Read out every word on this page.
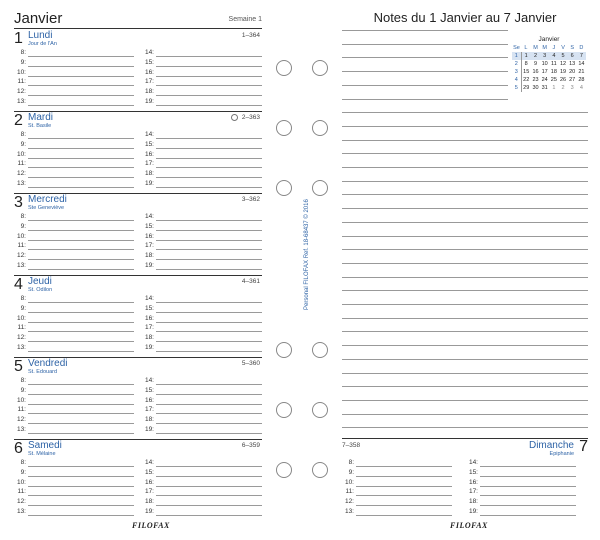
Janvier	Semaine 1
1 Lundi
Jour de l'An
1–364
8:
9:
10:
11:
12:
13:
14:
15:
16:
17:
18:
19:
2 Mardi
St. Basile
2–363
8:
9:
10:
11:
12:
13:
14:
15:
16:
17:
18:
19:
3 Mercredi
Ste Geneviève
3–362
8:
9:
10:
11:
12:
13:
14:
15:
16:
17:
18:
19:
4 Jeudi
St. Odilon
4–361
8:
9:
10:
11:
12:
13:
14:
15:
16:
17:
18:
19:
5 Vendredi
St. Edouard
5–360
8:
9:
10:
11:
12:
13:
14:
15:
16:
17:
18:
19:
6 Samedi
St. Mélaine
6–359
8:
9:
10:
11:
12:
13:
14:
15:
16:
17:
18:
19:
FILOFAX
Personal FILOFAX Ref. 18-68437 © 2016
Notes du 1 Janvier au 7 Janvier
Janvier
Se	L	M	M	J	V	S	D
1	1	2	3	4	5	6	7
2	8	9	10	11	12	13	14
3	15	16	17	18	19	20	21
4	22	23	24	25	26	27	28
5	29	30	31	1	2	3	4
7–358	Dimanche 7
Epiphanie
8:
9:
10:
11:
12:
13:
14:
15:
16:
17:
18:
19:
FILOFAX
